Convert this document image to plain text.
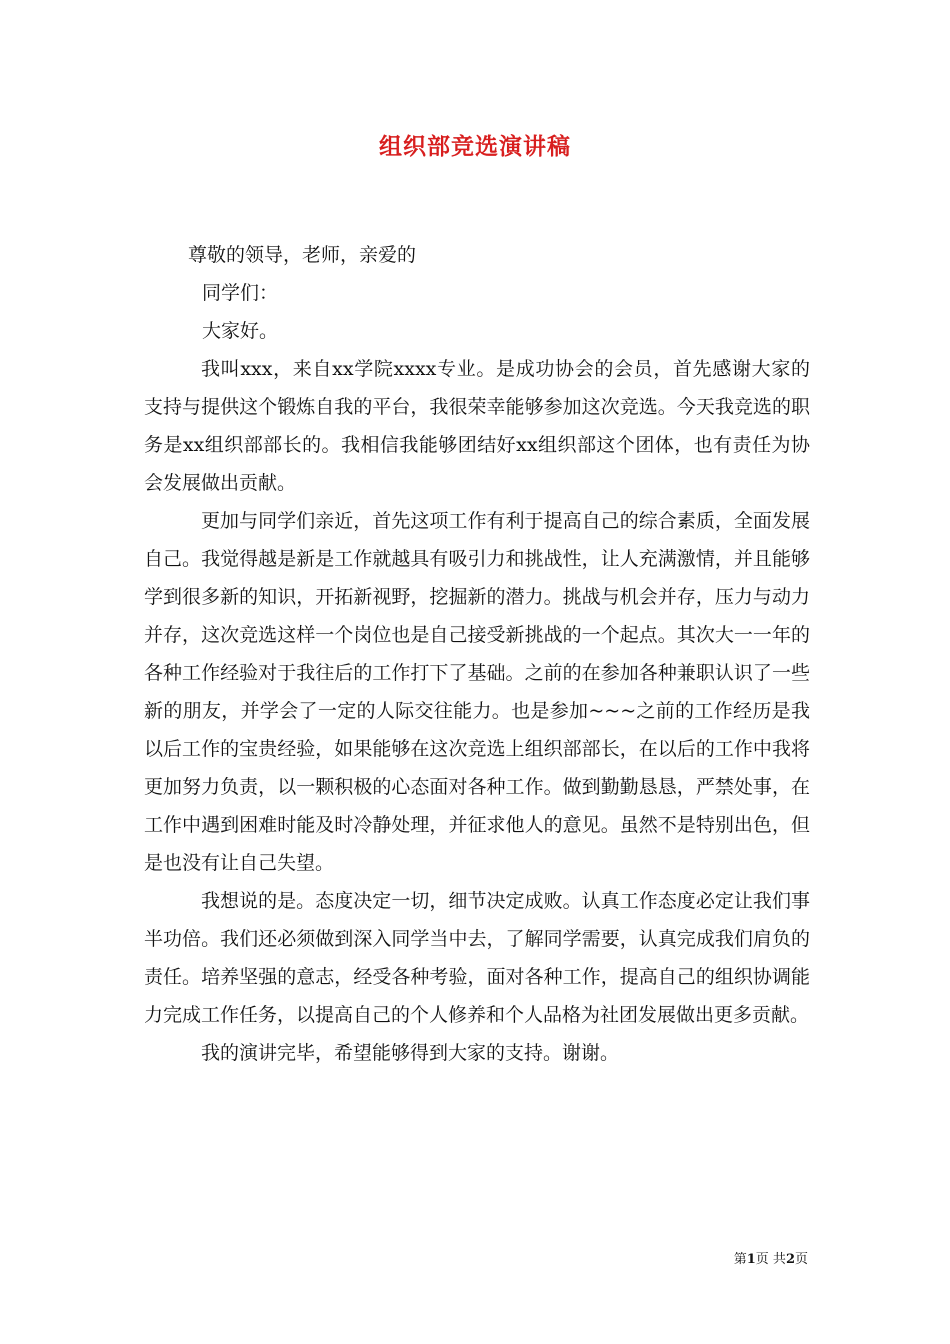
组织部竞选演讲稿

尊敬的领导，老师，亲爱的

同学们：

大家好。

我叫xxx，来自xx学院xxxx专业。是成功协会的会员，首先感谢大家的支持与提供这个锻炼自我的平台，我很荣幸能够参加这次竞选。今天我竞选的职务是xx组织部部长的。我相信我能够团结好xx组织部这个团体，也有责任为协会发展做出贡献。

更加与同学们亲近，首先这项工作有利于提高自己的综合素质，全面发展自己。我觉得越是新是工作就越具有吸引力和挑战性，让人充满激情，并且能够学到很多新的知识，开拓新视野，挖掘新的潜力。挑战与机会并存，压力与动力并存，这次竞选这样一个岗位也是自己接受新挑战的一个起点。其次大一一年的各种工作经验对于我往后的工作打下了基础。之前的在参加各种兼职认识了一些新的朋友，并学会了一定的人际交往能力。也是参加~~~之前的工作经历是我以后工作的宝贵经验，如果能够在这次竞选上组织部部长，在以后的工作中我将更加努力负责，以一颗积极的心态面对各种工作。做到勤勤恳恳，严禁处事，在工作中遇到困难时能及时冷静处理，并征求他人的意见。虽然不是特别出色，但是也没有让自己失望。

我想说的是。态度决定一切，细节决定成败。认真工作态度必定让我们事半功倍。我们还必须做到深入同学当中去，了解同学需要，认真完成我们肩负的责任。培养坚强的意志，经受各种考验，面对各种工作，提高自己的组织协调能力完成工作任务，以提高自己的个人修养和个人品格为社团发展做出更多贡献。

我的演讲完毕，希望能够得到大家的支持。谢谢。

第1页 共2页
